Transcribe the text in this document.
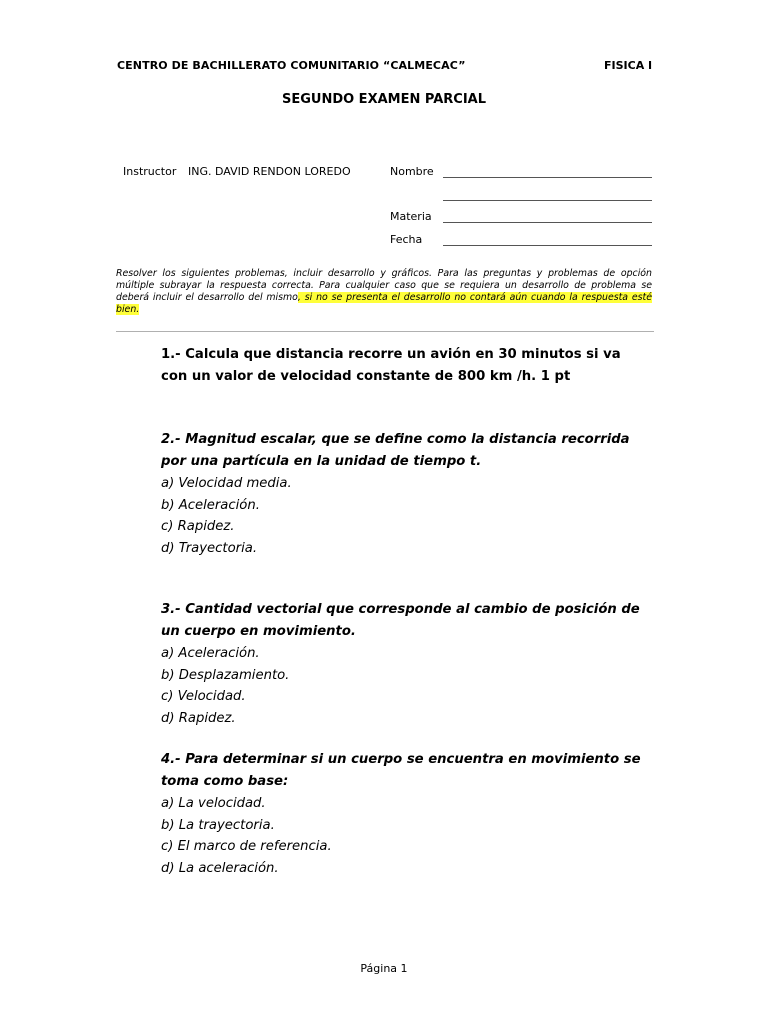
CENTRO DE BACHILLERATO COMUNITARIO “CALMECAC”	FISICA I
SEGUNDO EXAMEN PARCIAL
Instructor ING. DAVID RENDON LOREDO	Nombre
Materia
Fecha
Resolver los siguientes problemas, incluir desarrollo y gráficos. Para las preguntas y problemas de opción múltiple subrayar la respuesta correcta. Para cualquier caso que se requiera un desarrollo de problema se deberá incluir el desarrollo del mismo, si no se presenta el desarrollo no contará aún cuando la respuesta esté bien.
1.- Calcula que distancia recorre un avión en 30 minutos si va con un valor de velocidad constante de 800 km /h. 1 pt
2.- Magnitud escalar, que se define como la distancia recorrida por una partícula en la unidad de tiempo t.
a) Velocidad media.
b) Aceleración.
c) Rapidez.
d) Trayectoria.
3.- Cantidad vectorial que corresponde al cambio de posición de un cuerpo en movimiento.
a) Aceleración.
b) Desplazamiento.
c) Velocidad.
d) Rapidez.
4.- Para determinar si un cuerpo se encuentra en movimiento se toma como base:
a) La velocidad.
b) La trayectoria.
c) El marco de referencia.
d) La aceleración.
Página 1
